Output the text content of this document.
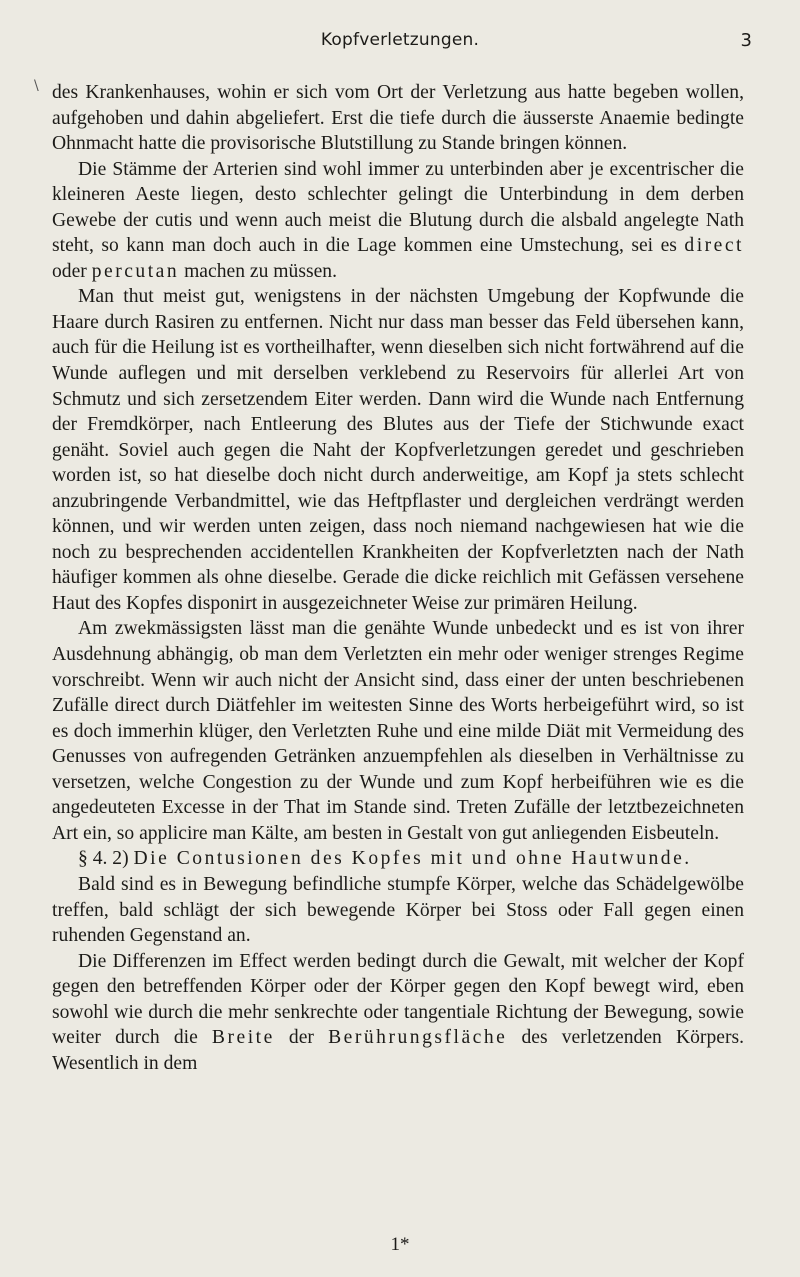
Kopfverletzungen.	3
\ des Krankenhauses, wohin er sich vom Ort der Verletzung aus hatte begeben wollen, aufgehoben und dahin abgeliefert. Erst die tiefe durch die äusserste Anaemie bedingte Ohnmacht hatte die provisorische Blutstillung zu Stande bringen können.

Die Stämme der Arterien sind wohl immer zu unterbinden aber je excentrischer die kleineren Aeste liegen, desto schlechter gelingt die Unterbindung in dem derben Gewebe der cutis und wenn auch meist die Blutung durch die alsbald angelegte Nath steht, so kann man doch auch in die Lage kommen eine Umstechung, sei es direct oder percutan machen zu müssen.

Man thut meist gut, wenigstens in der nächsten Umgebung der Kopfwunde die Haare durch Rasiren zu entfernen. Nicht nur dass man besser das Feld übersehen kann, auch für die Heilung ist es vortheilhafter, wenn dieselben sich nicht fortwährend auf die Wunde auflegen und mit derselben verklebend zu Reservoirs für allerlei Art von Schmutz und sich zersetzendem Eiter werden. Dann wird die Wunde nach Entfernung der Fremdkörper, nach Entleerung des Blutes aus der Tiefe der Stichwunde exact genäht. Soviel auch gegen die Naht der Kopfverletzungen geredet und geschrieben worden ist, so hat dieselbe doch nicht durch anderweitige, am Kopf ja stets schlecht anzubringende Verbandmittel, wie das Heftpflaster und dergleichen verdrängt werden können, und wir werden unten zeigen, dass noch niemand nachgewiesen hat wie die noch zu besprechenden accidentellen Krankheiten der Kopfverletzten nach der Nath häufiger kommen als ohne dieselbe. Gerade die dicke reichlich mit Gefässen versehene Haut des Kopfes disponirt in ausgezeichneter Weise zur primären Heilung.

Am zwekmässigsten lässt man die genähte Wunde unbedeckt und es ist von ihrer Ausdehnung abhängig, ob man dem Verletzten ein mehr oder weniger strenges Regime vorschreibt. Wenn wir auch nicht der Ansicht sind, dass einer der unten beschriebenen Zufälle direct durch Diätfehler im weitesten Sinne des Worts herbeigeführt wird, so ist es doch immerhin klüger, den Verletzten Ruhe und eine milde Diät mit Vermeidung des Genusses von aufregenden Getränken anzuempfehlen als dieselben in Verhältnisse zu versetzen, welche Congestion zu der Wunde und zum Kopf herbeiführen wie es die angedeuteten Excesse in der That im Stande sind. Treten Zufälle der letztbezeichneten Art ein, so applicire man Kälte, am besten in Gestalt von gut anliegenden Eisbeuteln.

§ 4. 2) Die Contusionen des Kopfes mit und ohne Hautwunde.

Bald sind es in Bewegung befindliche stumpfe Körper, welche das Schädelgewölbe treffen, bald schlägt der sich bewegende Körper bei Stoss oder Fall gegen einen ruhenden Gegenstand an.

Die Differenzen im Effect werden bedingt durch die Gewalt, mit welcher der Kopf gegen den betreffenden Körper oder der Körper gegen den Kopf bewegt wird, eben sowohl wie durch die mehr senkrechte oder tangentiale Richtung der Bewegung, sowie weiter durch die Breite der Berührungsfläche des verletzenden Körpers. Wesentlich in dem

1*
